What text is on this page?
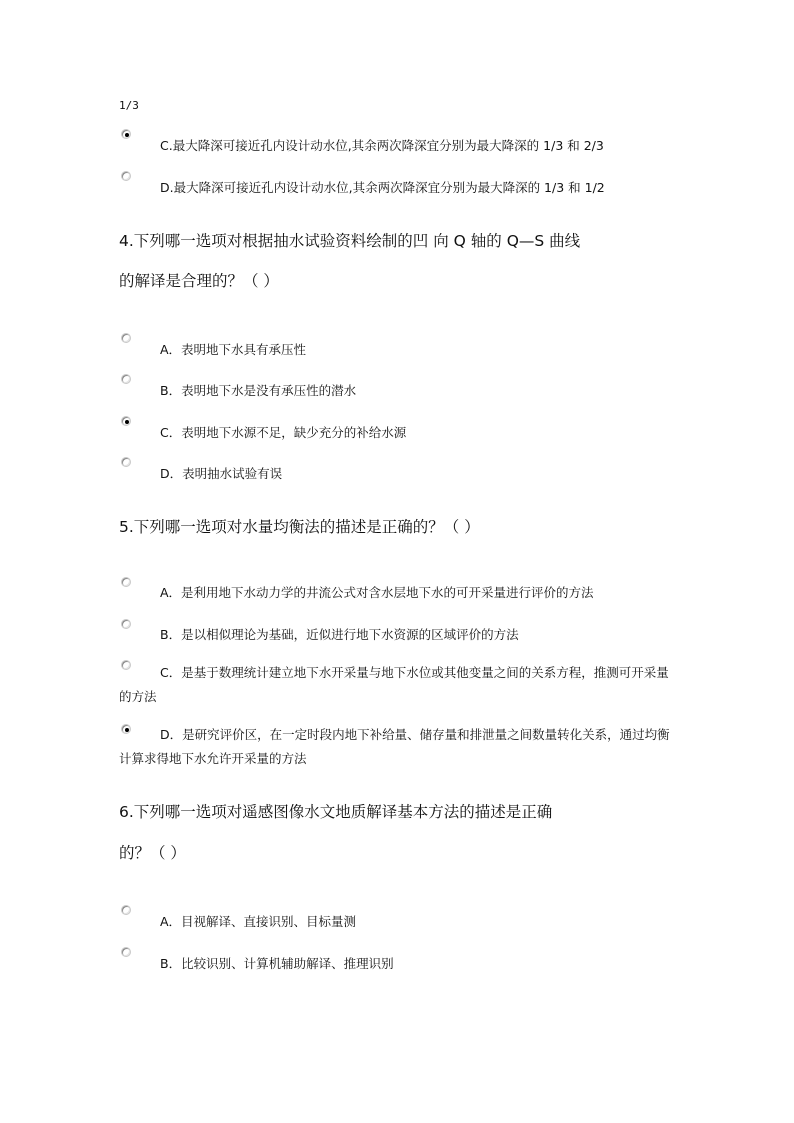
1/3
C.最大降深可接近孔内设计动水位,其余两次降深宜分别为最大降深的 1/3 和 2/3
D.最大降深可接近孔内设计动水位,其余两次降深宜分别为最大降深的 1/3 和 1/2
4.下列哪一选项对根据抽水试验资料绘制的凹 向 Q 轴的 Q—S 曲线
的解译是合理的？（ ）
A．表明地下水具有承压性
B．表明地下水是没有承压性的潜水
C．表明地下水源不足，缺少充分的补给水源
D．表明抽水试验有误
5.下列哪一选项对水量均衡法的描述是正确的？（ ）
A．是利用地下水动力学的井流公式对含水层地下水的可开采量进行评价的方法
B．是以相似理论为基础，近似进行地下水资源的区域评价的方法
C．是基于数理统计建立地下水开采量与地下水位或其他变量之间的关系方程，推测可开采量的方法
D．是研究评价区，在一定时段内地下补给量、储存量和排泄量之间数量转化关系，通过均衡计算求得地下水允许开采量的方法
6.下列哪一选项对遥感图像水文地质解译基本方法的描述是正确
的？（ ）
A．目视解译、直接识别、目标量测
B．比较识别、计算机辅助解译、推理识别
